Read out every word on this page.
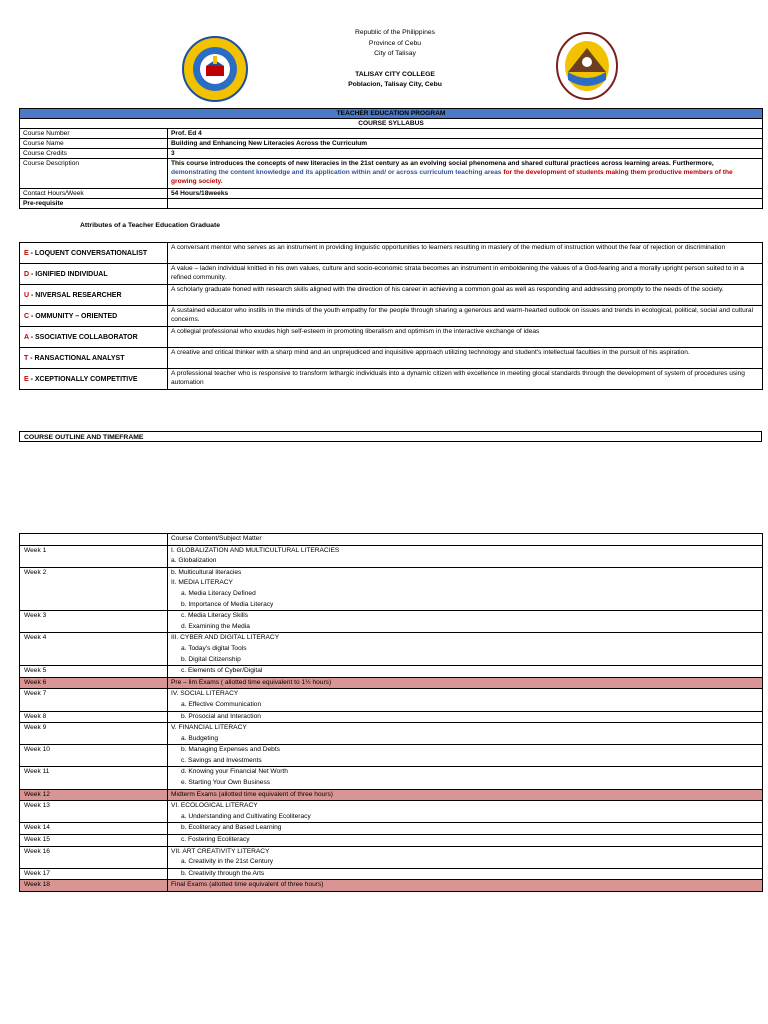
Republic of the Philippines
Province of Cebu
City of Talisay
TALISAY CITY COLLEGE
Poblacion, Talisay City, Cebu
TEACHER EDUCATION PROGRAM	
COURSE SYLLABUS	
Course Number	Prof. Ed 4
Course Name	Building and Enhancing New Literacies Across the Curriculum
Course Credits	3
Course Description	This course introduces the concepts of new literacies in the 21st century as an evolving social phenomena and shared cultural practices across learning areas. Furthermore, demonstrating the content knowledge and its application within and/ or across curriculum teaching areas for the development of students making them productive members of the growing society.
Contact Hours/Week	54 Hours/18weeks
Pre-requisite	
Attributes of a Teacher Education Graduate
E - LOQUENT CONVERSATIONALIST	A conversant mentor who serves as an instrument in providing linguistic opportunities to learners resulting in mastery of the medium of instruction without the fear of rejection or discrimination
D - IGNIFIED INDIVIDUAL	A value – laden individual knitted in his own values, culture and socio-economic strata becomes an instrument in emboldening the values of a God-fearing and a morally upright person suited to in a refined community.
U - NIVERSAL RESEARCHER	A scholarly graduate honed with research skills aligned with the direction of his career in achieving a common goal as well as responding and addressing promptly to the needs of the society.
C - OMMUNITY – ORIENTED	A sustained educator who instills in the minds of the youth empathy for the people through sharing a generous and warm-hearted outlook on issues and trends in ecological, political, social and cultural concerns.
A - SSOCIATIVE COLLABORATOR	A collegial professional who exudes high self-esteem in promoting liberalism and optimism in the interactive exchange of ideas
T - RANSACTIONAL ANALYST	A creative and critical thinker with a sharp mind and an unprejudiced and inquisitive approach utilizing technology and student's intellectual faculties in the pursuit of his aspiration.
E - XCEPTIONALLY COMPETITIVE	A professional teacher who is responsive to transform lethargic individuals into a dynamic citizen with excellence in meeting glocal standards through the development of system of procedures using automation
COURSE OUTLINE AND TIMEFRAME
	Course Content/Subject Matter
Week 1	I. GLOBALIZATION AND MULTICULTURAL LITERACIES
a. Globalization

Week 2	b. Multicultural literacies
II. MEDIA LITERACY
a. Media Literacy Defined
b. Importance of Media Literacy

Week 3	c. Media Literacy Skills
d. Examining the Media

Week 4	III. CYBER AND DIGITAL LITERACY
a. Today's digital Tools
b. Digital Citizenship

Week 5	c. Elements of Cyber/Digital

Week 6	Pre – lim Exams ( allotted time equivalent to 1½ hours)

Week 7	IV. SOCIAL LITERACY
a. Effective Communication

Week 8	b. Prosocial and Interaction

Week 9	V. FINANCIAL LITERACY
a. Budgeting

Week 10	b. Managing Expenses and Debts
c. Savings and Investments

Week 11	d. Knowing your Financial Net Worth
e. Starting Your Own Business

Week 12	Midterm Exams (allotted time equivalent of three hours)

Week 13	VI. ECOLOGICAL LITERACY
a. Understanding and Cultivating Ecoliteracy

Week 14	b. Ecoliteracy and Based Learning

Week 15	c. Fostering Ecoliteracy

Week 16	VII. ART CREATIVITY LITERACY
a. Creativity in the 21st Century

Week 17	b. Creativity through the Arts

Week 18	Final Exams (allotted time equivalent of three hours)
